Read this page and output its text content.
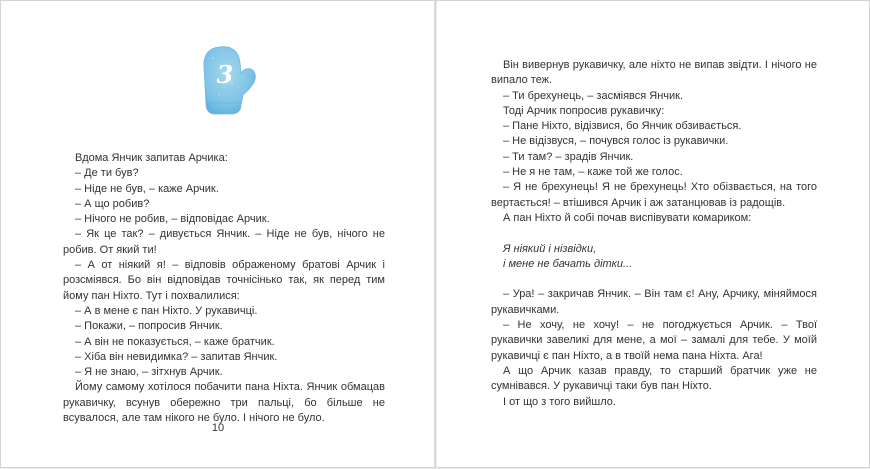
3

Вдома Янчик запитав Арчика:

– Де ти був?

– Ніде не був, – каже Арчик.

– А що робив?

– Нічого не робив, – відповідає Арчик.

– Як це так? – дивується Янчик. – Ніде не був, нічого не робив. От який ти!

– А от ніякий я! – відповів ображеному братові Арчик і розсміявся. Бо він відповідав точнісінько так, як перед тим йому пан Ніхто. Тут і похвалилися:

– А в мене є пан Ніхто. У рукавичці.

– Покажи, – попросив Янчик.

– А він не показується, – каже братчик.

– Хіба він невидимка? – запитав Янчик.

– Я не знаю, – зітхнув Арчик.

Йому самому хотілося побачити пана Ніхта. Янчик обмацав рукавичку, всунув обережно три пальці, бо більше не всувалося, але там нікого не було. І нічого не було.

10

Він вивернув рукавичку, але ніхто не випав звідти. І нічого не випало теж.

– Ти брехунець, – засміявся Янчик.

Тоді Арчик попросив рукавичку:

– Пане Ніхто, відізвися, бо Янчик обзивається.

– Не відізвуся, – почувся голос із рукавички.

– Ти там? – зрадів Янчик.

– Не я не там, – каже той же голос.

– Я не брехунець! Я не брехунець! Хто обізвається, на того вертається! – втішився Арчик і аж затанцював із радощів.

А пан Ніхто й собі почав виспівувати комариком:

Я ніякий і нізвідки,

і мене не бачать дітки...

– Ура! – закричав Янчик. – Він там є! Ану, Арчику, міняймося рукавичками.

– Не хочу, не хочу! – не погоджується Арчик. – Твої рукавички завеликі для мене, а мої – замалі для тебе. У моїй рукавичці є пан Ніхто, а в твоїй нема пана Ніхта. Ага!

А що Арчик казав правду, то старший братчик уже не сумнівався. У рукавичці таки був пан Ніхто.

І от що з того вийшло.
